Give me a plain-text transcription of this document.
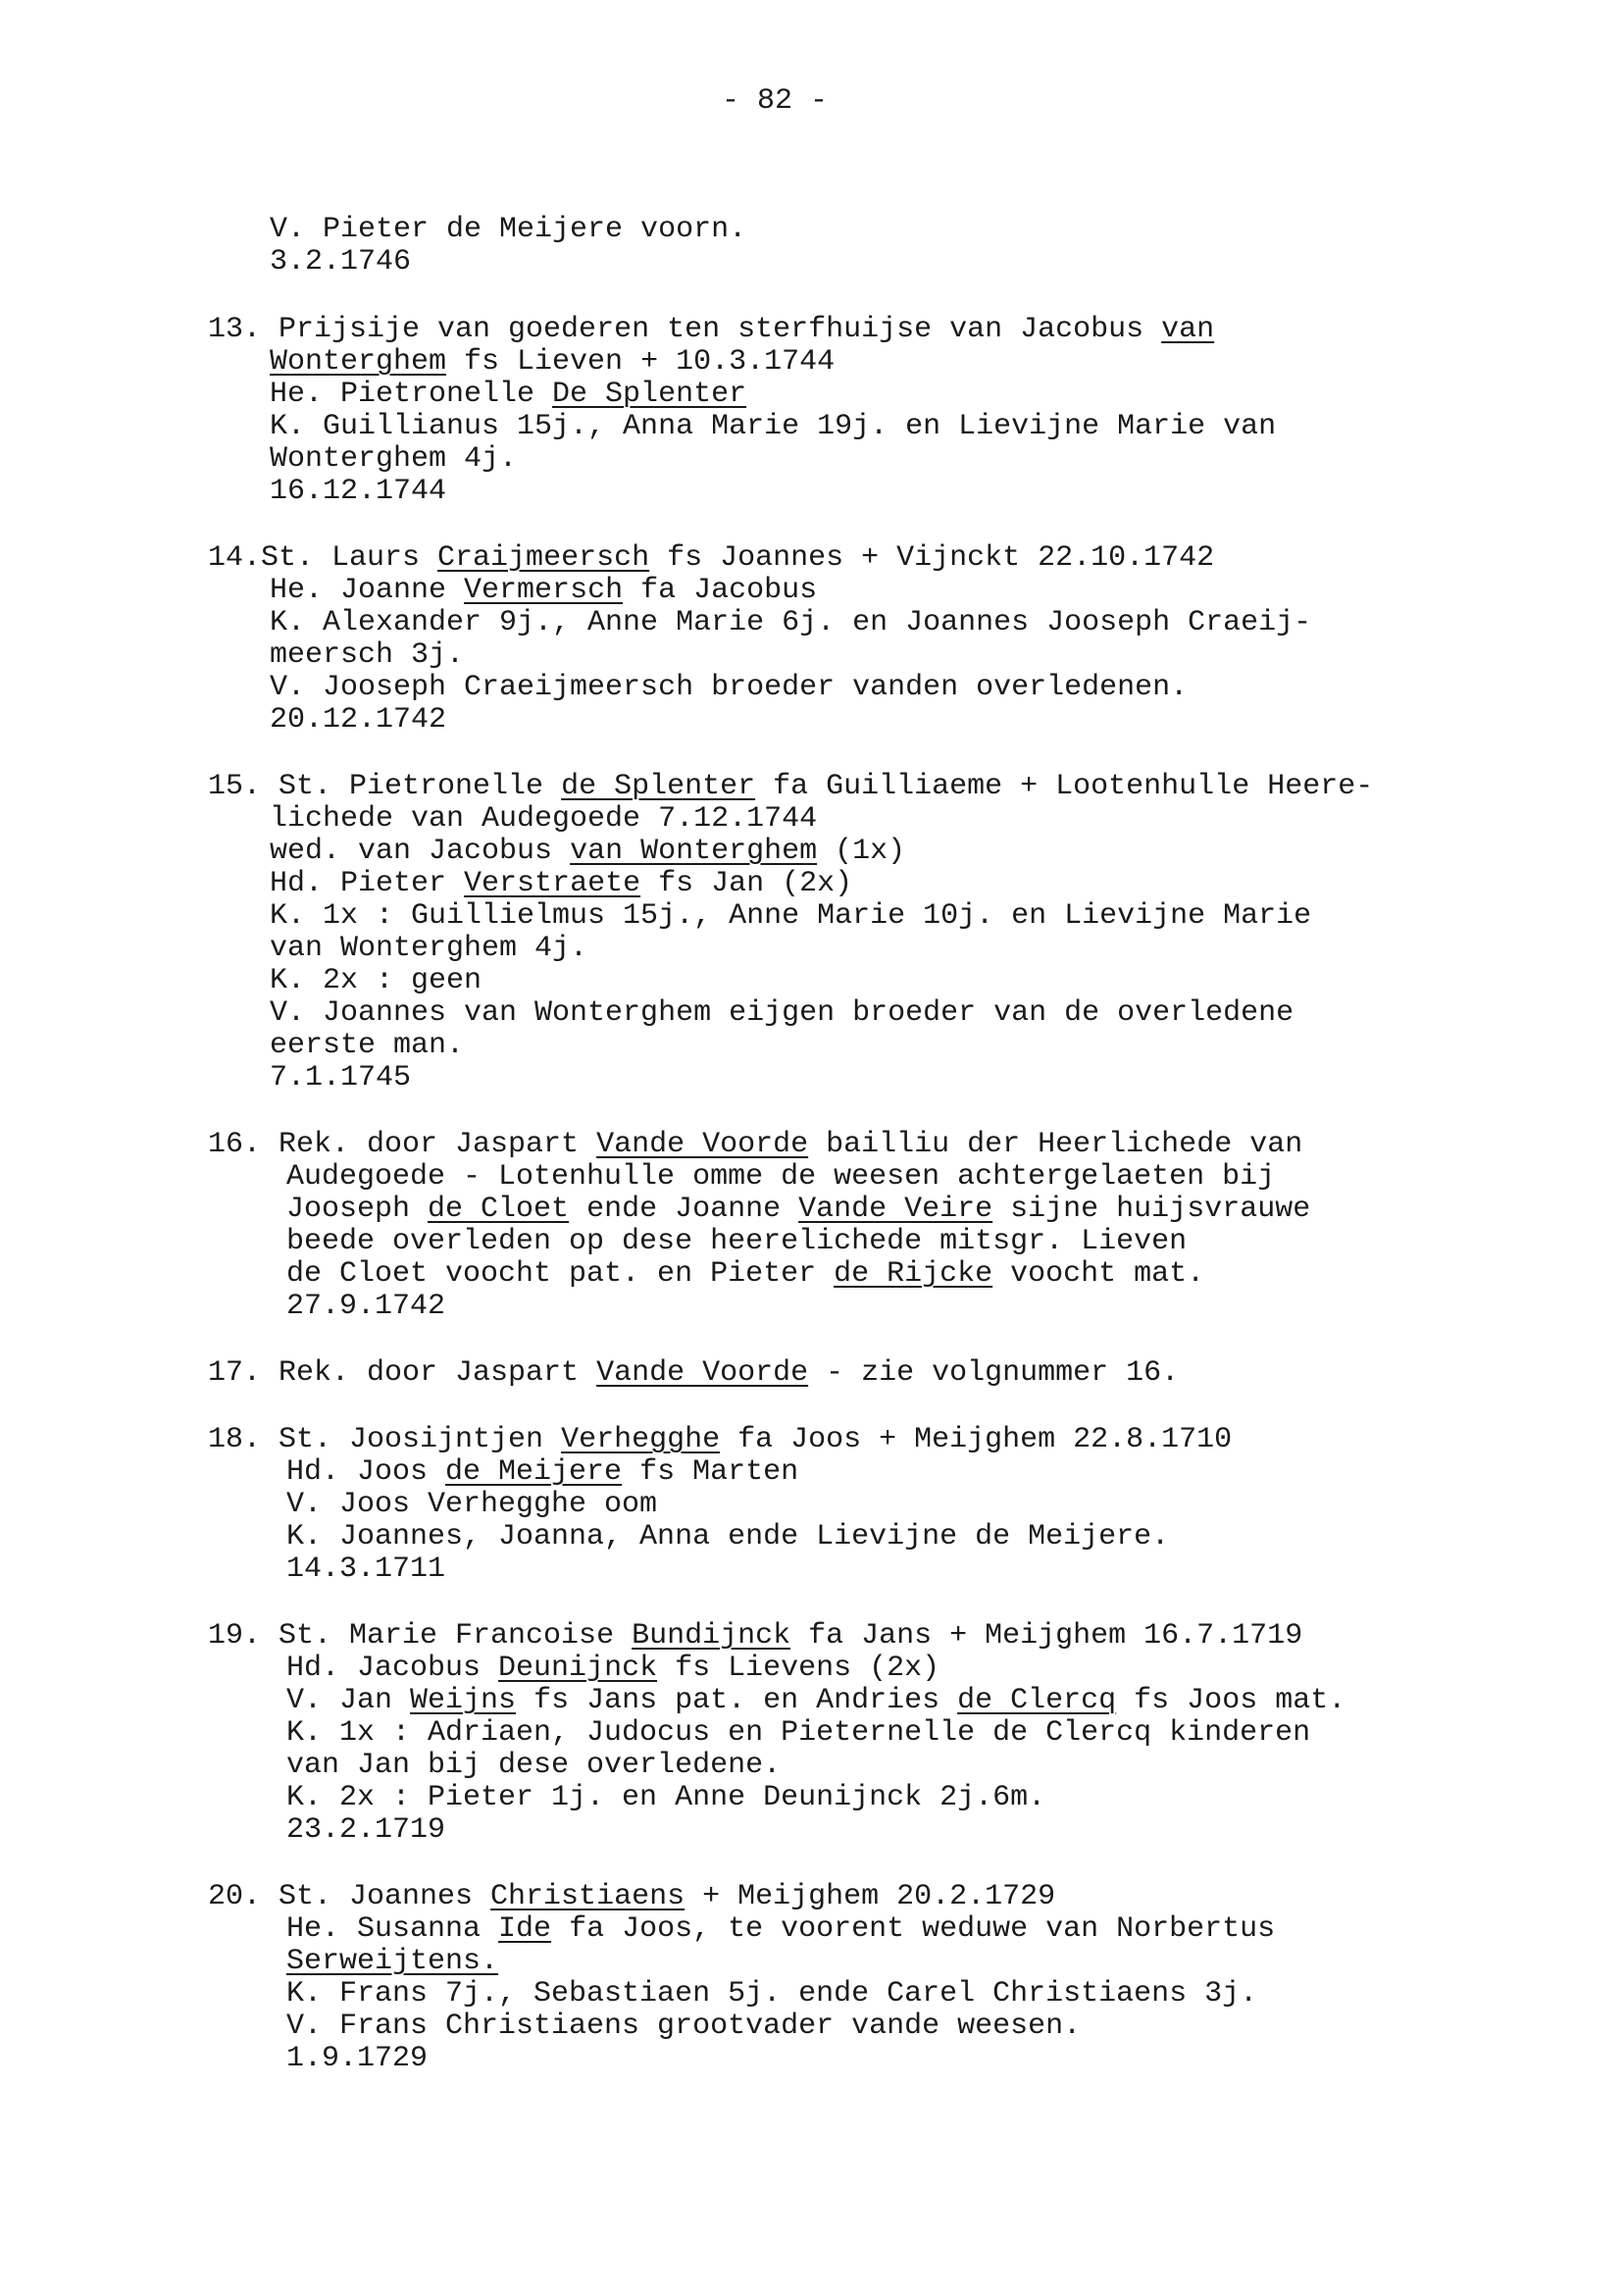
- 82 -
V. Pieter de Meijere voorn.
3.2.1746
13. Prijsije van goederen ten sterfhuijse van Jacobus van
Wonterghem fs Lieven + 10.3.1744
He. Pietronelle De Splenter
K. Guillianus 15j., Anna Marie 19j. en Lievijne Marie van
Wonterghem 4j.
16.12.1744
14.St. Laurs Craijmeersch fs Joannes + Vijnckt 22.10.1742
He. Joanne Vermersch fa Jacobus
K. Alexander 9j., Anne Marie 6j. en Joannes Jooseph Craeij-
meersch 3j.
V. Jooseph Craeijmeersch broeder vanden overledenen.
20.12.1742
15. St. Pietronelle de Splenter fa Guilliaeme + Lootenhulle Heere-
lichede van Audegoede 7.12.1744
wed. van Jacobus van Wonterghem (1x)
Hd. Pieter Verstraete fs Jan (2x)
K. 1x : Guillielmus 15j., Anne Marie 10j. en Lievijne Marie
van Wonterghem 4j.
K. 2x : geen
V. Joannes van Wonterghem eijgen broeder van de overledene
eerste man.
7.1.1745
16. Rek. door Jaspart Vande Voorde bailliu der Heerlichede van
Audegoede - Lotenhulle omme de weesen achtergelaeten bij
Jooseph de Cloet ende Joanne Vande Veire sijne huijsvrauwe
beede overleden op dese heerelichede mitsgr. Lieven
de Cloet voocht pat. en Pieter de Rijcke voocht mat.
27.9.1742
17. Rek. door Jaspart Vande Voorde - zie volgnummer 16.
18. St. Joosijntjen Verhegghe fa Joos + Meijghem 22.8.1710
Hd. Joos de Meijere fs Marten
V. Joos Verhegghe oom
K. Joannes, Joanna, Anna ende Lievijne de Meijere.
14.3.1711
19. St. Marie Francoise Bundijnck fa Jans + Meijghem 16.7.1719
Hd. Jacobus Deunijnck fs Lievens (2x)
V. Jan Weijns fs Jans pat. en Andries de Clercq fs Joos mat.
K. 1x : Adriaen, Judocus en Pieternelle de Clercq kinderen
van Jan bij dese overledene.
K. 2x : Pieter 1j. en Anne Deunijnck 2j.6m.
23.2.1719
20. St. Joannes Christiaens + Meijghem 20.2.1729
He. Susanna Ide fa Joos, te voorent weduwe van Norbertus
Serweijtens.
K. Frans 7j., Sebastiaen 5j. ende Carel Christiaens 3j.
V. Frans Christiaens grootvader vande weesen.
1.9.1729
